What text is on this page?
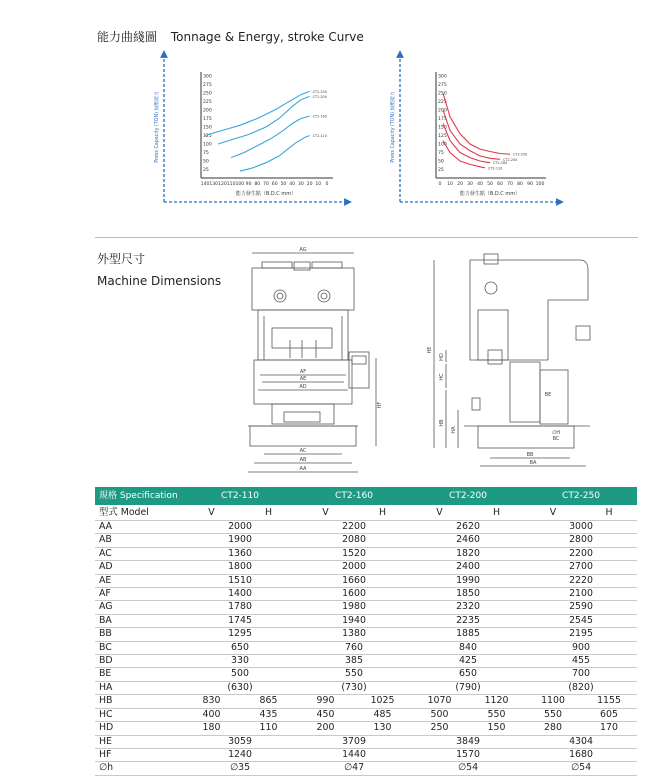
能力曲綫圖 Tonnage & Energy, stroke Curve
300
275
250
225
200
175
150
125
100
75
50
25
140 130 120 110 100 90 80 70 60 50 40 30 20 10 0
Press Capacity (TON) 加壓能力
能力發生點（B.D.C mm）
CT2-250
CT2-200
CT2-160
CT2-110
300
275
250
225
200
175
150
125
100
75
50
25
0 10 20 30 40 50 60 70 80 90 100
Press Capacity (TON) 加壓能力
能力發生點（B.D.C mm）
CT2-250
CT2-200
CT2-160
CT2-110
外型尺寸
Machine Dimensions
AG
AF
AE
AD
AC
AB
AA
HF
HE
HD
HC
HB
HA
BB
BA
BC
BE
∅H
規格 Specification	CT2-110		CT2-160		CT2-200		CT2-250	
型式 Model	V	H	V	H	V	H	V	H
AA	2000		2200		2620		3000	
AB	1900		2080		2460		2800	
AC	1360		1520		1820		2200	
AD	1800		2000		2400		2700	
AE	1510		1660		1990		2220	
AF	1400		1600		1850		2100	
AG	1780		1980		2320		2590	
BA	1745		1940		2235		2545	
BB	1295		1380		1885		2195	
BC	650		760		840		900	
BD	330		385		425		455	
BE	500		550		650		700	
HA	(630)		(730)		(790)		(820)	
HB	830	865	990	1025	1070	1120	1100	1155
HC	400	435	450	485	500	550	550	605
HD	180	110	200	130	250	150	280	170
HE	3059		3709		3849		4304	
HF	1240		1440		1570		1680	
∅h	∅35		∅47		∅54		∅54	
